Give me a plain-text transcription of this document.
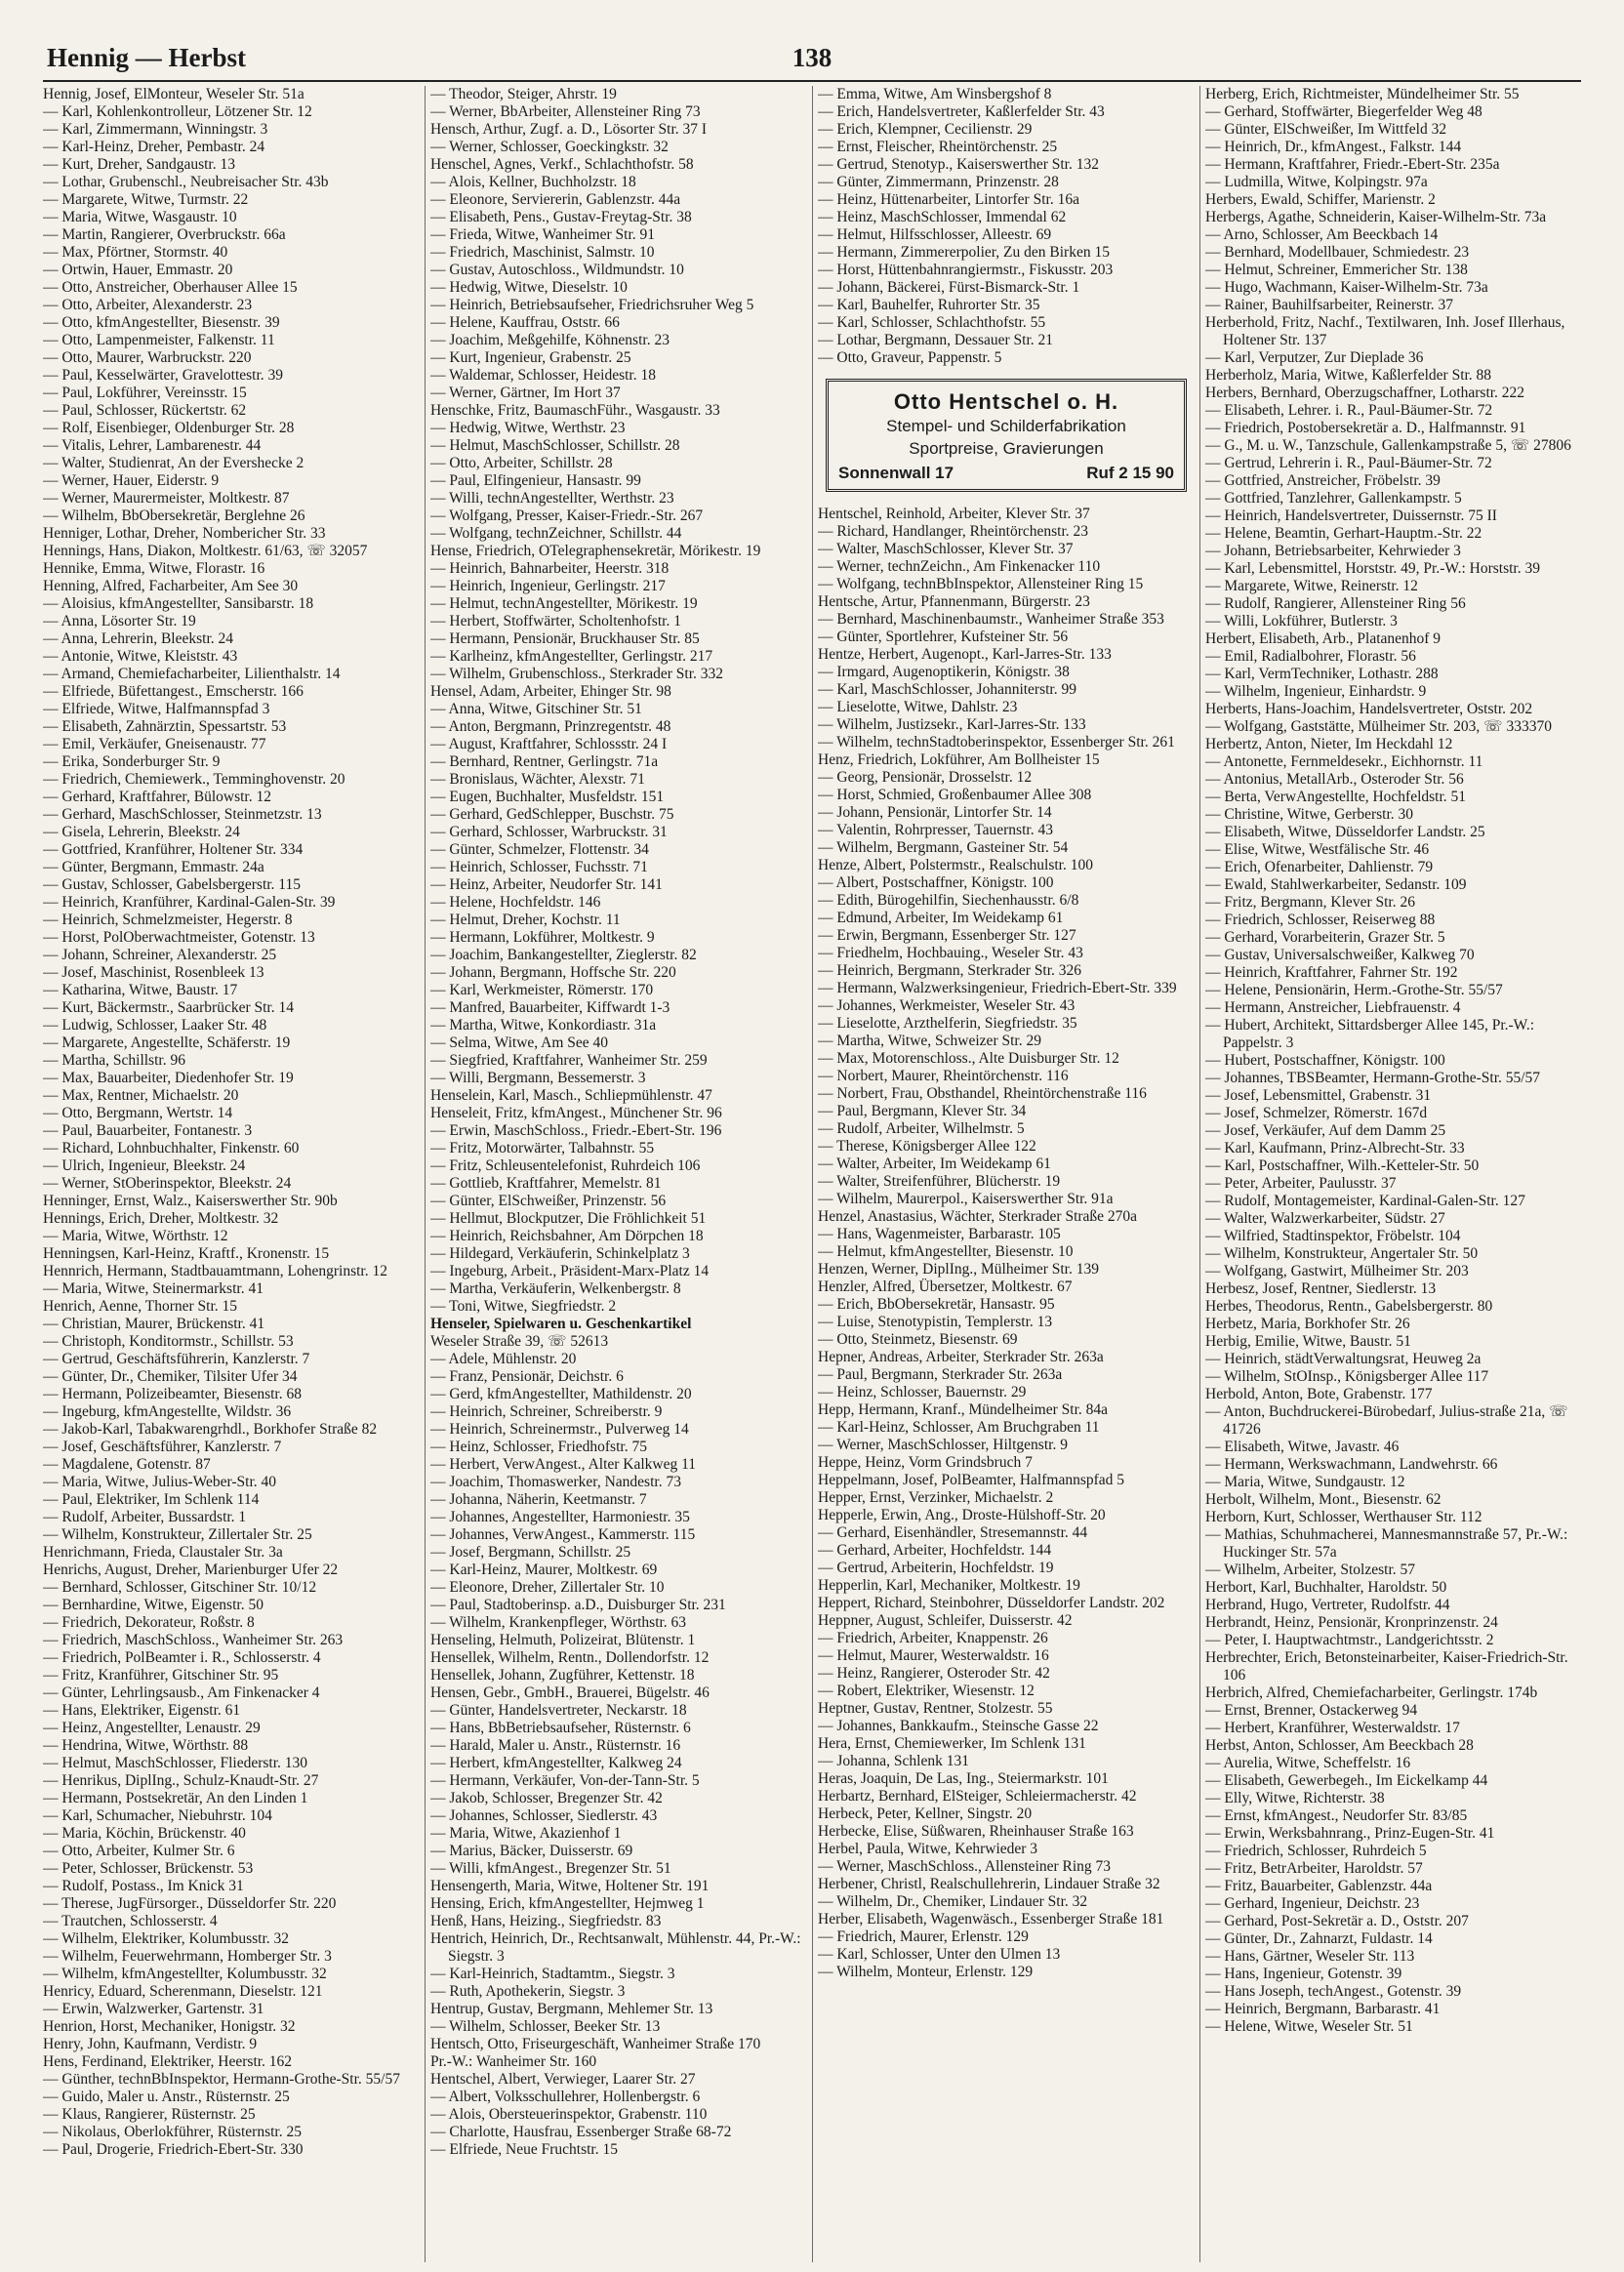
Hennig — Herbst	138
Hennig, Josef, ElMonteur, Weseler Str. 51a
— Karl, Kohlenkontrolleur, Lötzener Str. 12
— Karl, Zimmermann, Winningstr. 3
— Karl-Heinz, Dreher, Pembastr. 24
— Kurt, Dreher, Sandgaustr. 13
— Lothar, Grubenschl., Neubreisacher Str. 43b
— Margarete, Witwe, Turmstr. 22
— Maria, Witwe, Wasgaustr. 10
— Martin, Rangierer, Overbruckstr. 66a
— Max, Pförtner, Stormstr. 40
— Ortwin, Hauer, Emmastr. 20
— Otto, Anstreicher, Oberhauser Allee 15
— Otto, Arbeiter, Alexanderstr. 23
— Otto, kfmAngestellter, Biesenstr. 39
— Otto, Lampenmeister, Falkenstr. 11
— Otto, Maurer, Warbruckstr. 220
— Paul, Kesselwärter, Gravelottestr. 39
— Paul, Lokführer, Vereinsstr. 15
— Paul, Schlosser, Rückertstr. 62
— Rolf, Eisenbieger, Oldenburger Str. 28
— Vitalis, Lehrer, Lambarenestr. 44
— Walter, Studienrat, An der Evershecke 2
— Werner, Hauer, Eiderstr. 9
— Werner, Maurermeister, Moltkestr. 87
— Wilhelm, BbObersekretär, Berglehne 26
Henniger, Lothar, Dreher, Nombericher Str. 33
Hennings, Hans, Diakon, Moltkestr. 61/63, ☏ 32057
Hennike, Emma, Witwe, Florastr. 16
Henning, Alfred, Facharbeiter, Am See 30
— Aloisius, kfmAngestellter, Sansibarstr. 18
— Anna, Lösorter Str. 19
— Anna, Lehrerin, Bleekstr. 24
— Antonie, Witwe, Kleiststr. 43
— Armand, Chemiefacharbeiter, Lilienthalstr. 14
— Elfriede, Büfettangest., Emscherstr. 166
— Elfriede, Witwe, Halfmannspfad 3
— Elisabeth, Zahnärztin, Spessartstr. 53
— Emil, Verkäufer, Gneisenaustr. 77
— Erika, Sonderburger Str. 9
— Friedrich, Chemiewerk., Temminghovenstr. 20
— Gerhard, Kraftfahrer, Bülowstr. 12
— Gerhard, MaschSchlosser, Steinmetzstr. 13
— Gisela, Lehrerin, Bleekstr. 24
— Gottfried, Kranführer, Holtener Str. 334
— Günter, Bergmann, Emmastr. 24a
— Gustav, Schlosser, Gabelsbergerstr. 115
— Heinrich, Kranführer, Kardinal-Galen-Str. 39
— Heinrich, Schmelzmeister, Hegerstr. 8
— Horst, PolOberwachtmeister, Gotenstr. 13
— Johann, Schreiner, Alexanderstr. 25
— Josef, Maschinist, Rosenbleek 13
— Katharina, Witwe, Baustr. 17
— Kurt, Bäckermstr., Saarbrücker Str. 14
— Ludwig, Schlosser, Laaker Str. 48
— Margarete, Angestellte, Schäferstr. 19
— Martha, Schillstr. 96
— Max, Bauarbeiter, Diedenhofer Str. 19
— Max, Rentner, Michaelstr. 20
— Otto, Bergmann, Wertstr. 14
— Paul, Bauarbeiter, Fontanestr. 3
— Richard, Lohnbuchhalter, Finkenstr. 60
— Ulrich, Ingenieur, Bleekstr. 24
— Werner, StOberinspektor, Bleekstr. 24
Henninger, Ernst, Walz., Kaiserswerther Str. 90b
Hennings, Erich, Dreher, Moltkestr. 32
— Maria, Witwe, Wörthstr. 12
Henningsen, Karl-Heinz, Kraftf., Kronenstr. 15
Hennrich, Hermann, Stadtbauamtmann, Lohengrinstr. 12
— Maria, Witwe, Steinermarkstr. 41
Henrich, Aenne, Thorner Str. 15
— Christian, Maurer, Brückenstr. 41
— Christoph, Konditormstr., Schillstr. 53
— Gertrud, Geschäftsführerin, Kanzlerstr. 7
— Günter, Dr., Chemiker, Tilsiter Ufer 34
— Hermann, Polizeibeamter, Biesenstr. 68
— Ingeburg, kfmAngestellte, Wildstr. 36
— Jakob-Karl, Tabakwarengrhdl., Borkhofer Straße 82
— Josef, Geschäftsführer, Kanzlerstr. 7
— Magdalene, Gotenstr. 87
— Maria, Witwe, Julius-Weber-Str. 40
— Paul, Elektriker, Im Schlenk 114
— Rudolf, Arbeiter, Bussardstr. 1
— Wilhelm, Konstrukteur, Zillertaler Str. 25
Henrichmann, Frieda, Claustaler Str. 3a
Henrichs, August, Dreher, Marienburger Ufer 22
— Bernhard, Schlosser, Gitschiner Str. 10/12
— Bernhardine, Witwe, Eigenstr. 50
— Friedrich, Dekorateur, Roßstr. 8
— Friedrich, MaschSchloss., Wanheimer Str. 263
— Friedrich, PolBeamter i. R., Schlosserstr. 4
— Fritz, Kranführer, Gitschiner Str. 95
— Günter, Lehrlingsausb., Am Finkenacker 4
— Hans, Elektriker, Eigenstr. 61
— Heinz, Angestellter, Lenaustr. 29
— Hendrina, Witwe, Wörthstr. 88
— Helmut, MaschSchlosser, Fliederstr. 130
— Henrikus, DiplIng., Schulz-Knaudt-Str. 27
— Hermann, Postsekretär, An den Linden 1
— Karl, Schumacher, Niebuhrstr. 104
— Maria, Köchin, Brückenstr. 40
— Otto, Arbeiter, Kulmer Str. 6
— Peter, Schlosser, Brückenstr. 53
— Rudolf, Postass., Im Knick 31
— Therese, JugFürsorger., Düsseldorfer Str. 220
— Trautchen, Schlosserstr. 4
— Wilhelm, Elektriker, Kolumbusstr. 32
— Wilhelm, Feuerwehrmann, Homberger Str. 3
— Wilhelm, kfmAngestellter, Kolumbusstr. 32
Henricy, Eduard, Scherenmann, Dieselstr. 121
— Erwin, Walzwerker, Gartenstr. 31
Henrion, Horst, Mechaniker, Honigstr. 32
Henry, John, Kaufmann, Verdistr. 9
Hens, Ferdinand, Elektriker, Heerstr. 162
— Günther, technBbInspektor, Hermann-Grothe-Str. 55/57
— Guido, Maler u. Anstr., Rüsternstr. 25
— Klaus, Rangierer, Rüsternstr. 25
— Nikolaus, Oberlokführer, Rüsternstr. 25
— Paul, Drogerie, Friedrich-Ebert-Str. 330
— Theodor, Steiger, Ahrstr. 19
— Werner, BbArbeiter, Allensteiner Ring 73
Hensch, Arthur, Zugf. a. D., Lösorter Str. 37 I
— Werner, Schlosser, Goeckingkstr. 32
Henschel, Agnes, Verkf., Schlachthofstr. 58
— Alois, Kellner, Buchholzstr. 18
— Eleonore, Serviererin, Gablenzstr. 44a
— Elisabeth, Pens., Gustav-Freytag-Str. 38
— Frieda, Witwe, Wanheimer Str. 91
— Friedrich, Maschinist, Salmstr. 10
— Gustav, Autoschloss., Wildmundstr. 10
— Hedwig, Witwe, Dieselstr. 10
— Heinrich, Betriebsaufseher, Friedrichsruher Weg 5
— Helene, Kauffrau, Oststr. 66
— Joachim, Meßgehilfe, Köhnenstr. 23
— Kurt, Ingenieur, Grabenstr. 25
— Waldemar, Schlosser, Heidestr. 18
— Werner, Gärtner, Im Hort 37
Henschke, Fritz, BaumaschFühr., Wasgaustr. 33
— Hedwig, Witwe, Werthstr. 23
— Helmut, MaschSchlosser, Schillstr. 28
— Otto, Arbeiter, Schillstr. 28
— Paul, Elfingenieur, Hansastr. 99
— Willi, technAngestellter, Werthstr. 23
— Wolfgang, Presser, Kaiser-Friedr.-Str. 267
— Wolfgang, technZeichner, Schillstr. 44
Hense, Friedrich, OTelegraphensekretär, Mörikestr. 19
— Heinrich, Bahnarbeiter, Heerstr. 318
— Heinrich, Ingenieur, Gerlingstr. 217
— Helmut, technAngestellter, Mörikestr. 19
— Herbert, Stoffwärter, Scholtenhofstr. 1
— Hermann, Pensionär, Bruckhauser Str. 85
— Karlheinz, kfmAngestellter, Gerlingstr. 217
— Wilhelm, Grubenschloss., Sterkrader Str. 332
Hensel, Adam, Arbeiter, Ehinger Str. 98
— Anna, Witwe, Gitschiner Str. 51
— Anton, Bergmann, Prinzregentstr. 48
— August, Kraftfahrer, Schlossstr. 24 I
— Bernhard, Rentner, Gerlingstr. 71a
— Bronislaus, Wächter, Alexstr. 71
— Eugen, Buchhalter, Musfeldstr. 151
— Gerhard, GedSchlepper, Buschstr. 75
— Gerhard, Schlosser, Warbruckstr. 31
— Günter, Schmelzer, Flottenstr. 34
— Heinrich, Schlosser, Fuchsstr. 71
— Heinz, Arbeiter, Neudorfer Str. 141
— Helene, Hochfeldstr. 146
— Helmut, Dreher, Kochstr. 11
— Hermann, Lokführer, Moltkestr. 9
— Joachim, Bankangestellter, Zieglerstr. 82
— Johann, Bergmann, Hoffsche Str. 220
— Karl, Werkmeister, Römerstr. 170
— Manfred, Bauarbeiter, Kiffwardt 1-3
— Martha, Witwe, Konkordiastr. 31a
— Selma, Witwe, Am See 40
— Siegfried, Kraftfahrer, Wanheimer Str. 259
— Willi, Bergmann, Bessemerstr. 3
Henselein, Karl, Masch., Schliepmühlenstr. 47
Henseleit, Fritz, kfmAngest., Münchener Str. 96
— Erwin, MaschSchloss., Friedr.-Ebert-Str. 196
— Fritz, Motorwärter, Talbahnstr. 55
— Fritz, Schleusentelefonist, Ruhrdeich 106
— Gottlieb, Kraftfahrer, Memelstr. 81
— Günter, ElSchweißer, Prinzenstr. 56
— Hellmut, Blockputzer, Die Fröhlichkeit 51
— Heinrich, Reichsbahner, Am Dörpchen 18
— Hildegard, Verkäuferin, Schinkelplatz 3
— Ingeburg, Arbeit., Präsident-Marx-Platz 14
— Martha, Verkäuferin, Welkenbergstr. 8
— Toni, Witwe, Siegfriedstr. 2
Henseler, Spielwaren u. Geschenkartikel
Weseler Straße 39, ☏ 52613
— Adele, Mühlenstr. 20
— Franz, Pensionär, Deichstr. 6
— Gerd, kfmAngestellter, Mathildenstr. 20
— Heinrich, Schreiner, Schreiberstr. 9
— Heinrich, Schreinermstr., Pulverweg 14
— Heinz, Schlosser, Friedhofstr. 75
— Herbert, VerwAngest., Alter Kalkweg 11
— Joachim, Thomaswerker, Nandestr. 73
— Johanna, Näherin, Keetmanstr. 7
— Johannes, Angestellter, Harmoniestr. 35
— Johannes, VerwAngest., Kammerstr. 115
— Josef, Bergmann, Schillstr. 25
— Karl-Heinz, Maurer, Moltkestr. 69
— Eleonore, Dreher, Zillertaler Str. 10
— Paul, Stadtoberinsp. a.D., Duisburger Str. 231
— Wilhelm, Krankenpfleger, Wörthstr. 63
Henseling, Helmuth, Polizeirat, Blütenstr. 1
Hensellek, Wilhelm, Rentn., Dollendorfstr. 12
Hensellek, Johann, Zugführer, Kettenstr. 18
Hensen, Gebr., GmbH., Brauerei, Bügelstr. 46
— Günter, Handelsvertreter, Neckarstr. 18
— Hans, BbBetriebsaufseher, Rüsternstr. 6
— Harald, Maler u. Anstr., Rüsternstr. 16
— Herbert, kfmAngestellter, Kalkweg 24
— Hermann, Verkäufer, Von-der-Tann-Str. 5
— Jakob, Schlosser, Bregenzer Str. 42
— Johannes, Schlosser, Siedlerstr. 43
— Maria, Witwe, Akazienhof 1
— Marius, Bäcker, Duisserstr. 69
— Willi, kfmAngest., Bregenzer Str. 51
Hensengerth, Maria, Witwe, Holtener Str. 191
Hensing, Erich, kfmAngestellter, Hejmweg 1
Henß, Hans, Heizing., Siegfriedstr. 83
Hentrich, Heinrich, Dr., Rechtsanwalt, Mühlenstr. 44, Pr.-W.: Siegstr. 3
— Karl-Heinrich, Stadtamtm., Siegstr. 3
— Ruth, Apothekerin, Siegstr. 3
Hentrup, Gustav, Bergmann, Mehlemer Str. 13
— Wilhelm, Schlosser, Beeker Str. 13
Hentsch, Otto, Friseurgeschäft, Wanheimer Straße 170
Pr.-W.: Wanheimer Str. 160
Hentschel, Albert, Verwieger, Laarer Str. 27
— Albert, Volksschullehrer, Hollenbergstr. 6
— Alois, Obersteuerinspektor, Grabenstr. 110
— Charlotte, Hausfrau, Essenberger Straße 68-72
— Elfriede, Neue Fruchtstr. 15
— Emma, Witwe, Am Winsbergshof 8
— Erich, Handelsvertreter, Kaßlerfelder Str. 43
— Erich, Klempner, Cecilienstr. 29
— Ernst, Fleischer, Rheintörchenstr. 25
— Gertrud, Stenotyp., Kaiserswerther Str. 132
— Günter, Zimmermann, Prinzenstr. 28
— Heinz, Hüttenarbeiter, Lintorfer Str. 16a
— Heinz, MaschSchlosser, Immendal 62
— Helmut, Hilfsschlosser, Alleestr. 69
— Hermann, Zimmererpolier, Zu den Birken 15
— Horst, Hüttenbahnrangiermstr., Fiskusstr. 203
— Johann, Bäckerei, Fürst-Bismarck-Str. 1
— Karl, Bauhelfer, Ruhrorter Str. 35
— Karl, Schlosser, Schlachthofstr. 55
— Lothar, Bergmann, Dessauer Str. 21
— Otto, Graveur, Pappenstr. 5
Otto Hentschel o. H.
Stempel- und Schilderfabrikation
Sportpreise, Gravierungen
Sonnenwall 17	Ruf 2 15 90
Hentschel, Reinhold, Arbeiter, Klever Str. 37
— Richard, Handlanger, Rheintörchenstr. 23
— Walter, MaschSchlosser, Klever Str. 37
— Werner, technZeichn., Am Finkenacker 110
— Wolfgang, technBbInspektor, Allensteiner Ring 15
Hentsche, Artur, Pfannenmann, Bürgerstr. 23
— Bernhard, Maschinenbaumstr., Wanheimer Straße 353
— Günter, Sportlehrer, Kufsteiner Str. 56
Hentze, Herbert, Augenopt., Karl-Jarres-Str. 133
— Irmgard, Augenoptikerin, Königstr. 38
— Karl, MaschSchlosser, Johanniterstr. 99
— Lieselotte, Witwe, Dahlstr. 23
— Wilhelm, Justizsekr., Karl-Jarres-Str. 133
— Wilhelm, technStadtoberinspektor, Essenberger Str. 261
Henz, Friedrich, Lokführer, Am Bollheister 15
— Georg, Pensionär, Drosselstr. 12
— Horst, Schmied, Großenbaumer Allee 308
— Johann, Pensionär, Lintorfer Str. 14
— Valentin, Rohrpresser, Tauernstr. 43
— Wilhelm, Bergmann, Gasteiner Str. 54
Henze, Albert, Polstermstr., Realschulstr. 100
— Albert, Postschaffner, Königstr. 100
— Edith, Bürogehilfin, Siechenhausstr. 6/8
— Edmund, Arbeiter, Im Weidekamp 61
— Erwin, Bergmann, Essenberger Str. 127
— Friedhelm, Hochbauing., Weseler Str. 43
— Heinrich, Bergmann, Sterkrader Str. 326
— Hermann, Walzwerksingenieur, Friedrich-Ebert-Str. 339
— Johannes, Werkmeister, Weseler Str. 43
— Lieselotte, Arzthelferin, Siegfriedstr. 35
— Martha, Witwe, Schweizer Str. 29
— Max, Motorenschloss., Alte Duisburger Str. 12
— Norbert, Maurer, Rheintörchenstr. 116
— Norbert, Frau, Obsthandel, Rheintörchenstraße 116
— Paul, Bergmann, Klever Str. 34
— Rudolf, Arbeiter, Wilhelmstr. 5
— Therese, Königsberger Allee 122
— Walter, Arbeiter, Im Weidekamp 61
— Walter, Streifenführer, Blücherstr. 19
— Wilhelm, Maurerpol., Kaiserswerther Str. 91a
Henzel, Anastasius, Wächter, Sterkrader Straße 270a
— Hans, Wagenmeister, Barbarastr. 105
— Helmut, kfmAngestellter, Biesenstr. 10
Henzen, Werner, DiplIng., Mülheimer Str. 139
Henzler, Alfred, Übersetzer, Moltkestr. 67
— Erich, BbObersekretär, Hansastr. 95
— Luise, Stenotypistin, Templerstr. 13
— Otto, Steinmetz, Biesenstr. 69
Hepner, Andreas, Arbeiter, Sterkrader Str. 263a
— Paul, Bergmann, Sterkrader Str. 263a
— Heinz, Schlosser, Bauernstr. 29
Hepp, Hermann, Kranf., Mündelheimer Str. 84a
— Karl-Heinz, Schlosser, Am Bruchgraben 11
— Werner, MaschSchlosser, Hiltgenstr. 9
Heppe, Heinz, Vorm Grindsbruch 7
Heppelmann, Josef, PolBeamter, Halfmannspfad 5
Hepper, Ernst, Verzinker, Michaelstr. 2
Hepperle, Erwin, Ang., Droste-Hülshoff-Str. 20
— Gerhard, Eisenhändler, Stresemannstr. 44
— Gerhard, Arbeiter, Hochfeldstr. 144
— Gertrud, Arbeiterin, Hochfeldstr. 19
Hepperlin, Karl, Mechaniker, Moltkestr. 19
Heppert, Richard, Steinbohrer, Düsseldorfer Landstr. 202
Heppner, August, Schleifer, Duisserstr. 42
— Friedrich, Arbeiter, Knappenstr. 26
— Helmut, Maurer, Westerwaldstr. 16
— Heinz, Rangierer, Osteroder Str. 42
— Robert, Elektriker, Wiesenstr. 12
Heptner, Gustav, Rentner, Stolzestr. 55
— Johannes, Bankkaufm., Steinsche Gasse 22
Hera, Ernst, Chemiewerker, Im Schlenk 131
— Johanna, Schlenk 131
Heras, Joaquin, De Las, Ing., Steiermarkstr. 101
Herbartz, Bernhard, ElSteiger, Schleiermacherstr. 42
Herbeck, Peter, Kellner, Singstr. 20
Herbecke, Elise, Süßwaren, Rheinhauser Straße 163
Herbel, Paula, Witwe, Kehrwieder 3
— Werner, MaschSchloss., Allensteiner Ring 73
Herbener, Christl, Realschullehrerin, Lindauer Straße 32
— Wilhelm, Dr., Chemiker, Lindauer Str. 32
Herber, Elisabeth, Wagenwäsch., Essenberger Straße 181
— Friedrich, Maurer, Erlenstr. 129
— Karl, Schlosser, Unter den Ulmen 13
— Wilhelm, Monteur, Erlenstr. 129
Herberg, Erich, Richtmeister, Mündelheimer Str. 55
— Gerhard, Stoffwärter, Biegerfelder Weg 48
— Günter, ElSchweißer, Im Wittfeld 32
— Heinrich, Dr., kfmAngest., Falkstr. 144
— Hermann, Kraftfahrer, Friedr.-Ebert-Str. 235a
— Ludmilla, Witwe, Kolpingstr. 97a
Herbers, Ewald, Schiffer, Marienstr. 2
Herbergs, Agathe, Schneiderin, Kaiser-Wilhelm-Str. 73a
— Arno, Schlosser, Am Beeckbach 14
— Bernhard, Modellbauer, Schmiedestr. 23
— Helmut, Schreiner, Emmericher Str. 138
— Hugo, Wachmann, Kaiser-Wilhelm-Str. 73a
— Rainer, Bauhilfsarbeiter, Reinerstr. 37
Herberhold, Fritz, Nachf., Textilwaren, Inh. Josef Illerhaus, Holtener Str. 137
— Karl, Verputzer, Zur Dieplade 36
Herberholz, Maria, Witwe, Kaßlerfelder Str. 88
Herbers, Bernhard, Oberzugschaffner, Lotharstr. 222
— Elisabeth, Lehrer. i. R., Paul-Bäumer-Str. 72
— Friedrich, Postobersekretär a. D., Halfmannstr. 91
— G., M. u. W., Tanzschule, Gallenkampstraße 5, ☏ 27806
— Gertrud, Lehrerin i. R., Paul-Bäumer-Str. 72
— Gottfried, Anstreicher, Fröbelstr. 39
— Gottfried, Tanzlehrer, Gallenkampstr. 5
— Heinrich, Handelsvertreter, Duissernstr. 75 II
— Helene, Beamtin, Gerhart-Hauptm.-Str. 22
— Johann, Betriebsarbeiter, Kehrwieder 3
— Karl, Lebensmittel, Horststr. 49, Pr.-W.: Horststr. 39
— Margarete, Witwe, Reinerstr. 12
— Rudolf, Rangierer, Allensteiner Ring 56
— Willi, Lokführer, Butlerstr. 3
Herbert, Elisabeth, Arb., Platanenhof 9
— Emil, Radialbohrer, Florastr. 56
— Karl, VermTechniker, Lothastr. 288
— Wilhelm, Ingenieur, Einhardstr. 9
Herberts, Hans-Joachim, Handelsvertreter, Oststr. 202
— Wolfgang, Gaststätte, Mülheimer Str. 203, ☏ 333370
Herbertz, Anton, Nieter, Im Heckdahl 12
— Antonette, Fernmeldesekr., Eichhornstr. 11
— Antonius, MetallArb., Osteroder Str. 56
— Berta, VerwAngestellte, Hochfeldstr. 51
— Christine, Witwe, Gerberstr. 30
— Elisabeth, Witwe, Düsseldorfer Landstr. 25
— Elise, Witwe, Westfälische Str. 46
— Erich, Ofenarbeiter, Dahlienstr. 79
— Ewald, Stahlwerkarbeiter, Sedanstr. 109
— Fritz, Bergmann, Klever Str. 26
— Friedrich, Schlosser, Reiserweg 88
— Gerhard, Vorarbeiterin, Grazer Str. 5
— Gustav, Universalschweißer, Kalkweg 70
— Heinrich, Kraftfahrer, Fahrner Str. 192
— Helene, Pensionärin, Herm.-Grothe-Str. 55/57
— Hermann, Anstreicher, Liebfrauenstr. 4
— Hubert, Architekt, Sittardsberger Allee 145, Pr.-W.: Pappelstr. 3
— Hubert, Postschaffner, Königstr. 100
— Johannes, TBSBeamter, Hermann-Grothe-Str. 55/57
— Josef, Lebensmittel, Grabenstr. 31
— Josef, Schmelzer, Römerstr. 167d
— Josef, Verkäufer, Auf dem Damm 25
— Karl, Kaufmann, Prinz-Albrecht-Str. 33
— Karl, Postschaffner, Wilh.-Ketteler-Str. 50
— Peter, Arbeiter, Paulusstr. 37
— Rudolf, Montagemeister, Kardinal-Galen-Str. 127
— Walter, Walzwerkarbeiter, Südstr. 27
— Wilfried, Stadtinspektor, Fröbelstr. 104
— Wilhelm, Konstrukteur, Angertaler Str. 50
— Wolfgang, Gastwirt, Mülheimer Str. 203
Herbesz, Josef, Rentner, Siedlerstr. 13
Herbes, Theodorus, Rentn., Gabelsbergerstr. 80
Herbetz, Maria, Borkhofer Str. 26
Herbig, Emilie, Witwe, Baustr. 51
— Heinrich, städtVerwaltungsrat, Heuweg 2a
— Wilhelm, StOInsp., Königsberger Allee 117
Herbold, Anton, Bote, Grabenstr. 177
— Anton, Buchdruckerei-Bürobedarf, Julius-straße 21a, ☏ 41726
— Elisabeth, Witwe, Javastr. 46
— Hermann, Werkswachmann, Landwehrstr. 66
— Maria, Witwe, Sundgaustr. 12
Herbolt, Wilhelm, Mont., Biesenstr. 62
Herborn, Kurt, Schlosser, Werthauser Str. 112
— Mathias, Schuhmacherei, Mannesmannstraße 57, Pr.-W.: Huckinger Str. 57a
— Wilhelm, Arbeiter, Stolzestr. 57
Herbort, Karl, Buchhalter, Haroldstr. 50
Herbrand, Hugo, Vertreter, Rudolfstr. 44
Herbrandt, Heinz, Pensionär, Kronprinzenstr. 24
— Peter, I. Hauptwachtmstr., Landgerichtsstr. 2
Herbrechter, Erich, Betonsteinarbeiter, Kaiser-Friedrich-Str. 106
Herbrich, Alfred, Chemiefacharbeiter, Gerlingstr. 174b
— Ernst, Brenner, Ostackerweg 94
— Herbert, Kranführer, Westerwaldstr. 17
Herbst, Anton, Schlosser, Am Beeckbach 28
— Aurelia, Witwe, Scheffelstr. 16
— Elisabeth, Gewerbegeh., Im Eickelkamp 44
— Elly, Witwe, Richterstr. 38
— Ernst, kfmAngest., Neudorfer Str. 83/85
— Erwin, Werksbahnrang., Prinz-Eugen-Str. 41
— Friedrich, Schlosser, Ruhrdeich 5
— Fritz, BetrArbeiter, Haroldstr. 57
— Fritz, Bauarbeiter, Gablenzstr. 44a
— Gerhard, Ingenieur, Deichstr. 23
— Gerhard, Post-Sekretär a. D., Oststr. 207
— Günter, Dr., Zahnarzt, Fuldastr. 14
— Hans, Gärtner, Weseler Str. 113
— Hans, Ingenieur, Gotenstr. 39
— Hans Joseph, techAngest., Gotenstr. 39
— Heinrich, Bergmann, Barbarastr. 41
— Helene, Witwe, Weseler Str. 51
